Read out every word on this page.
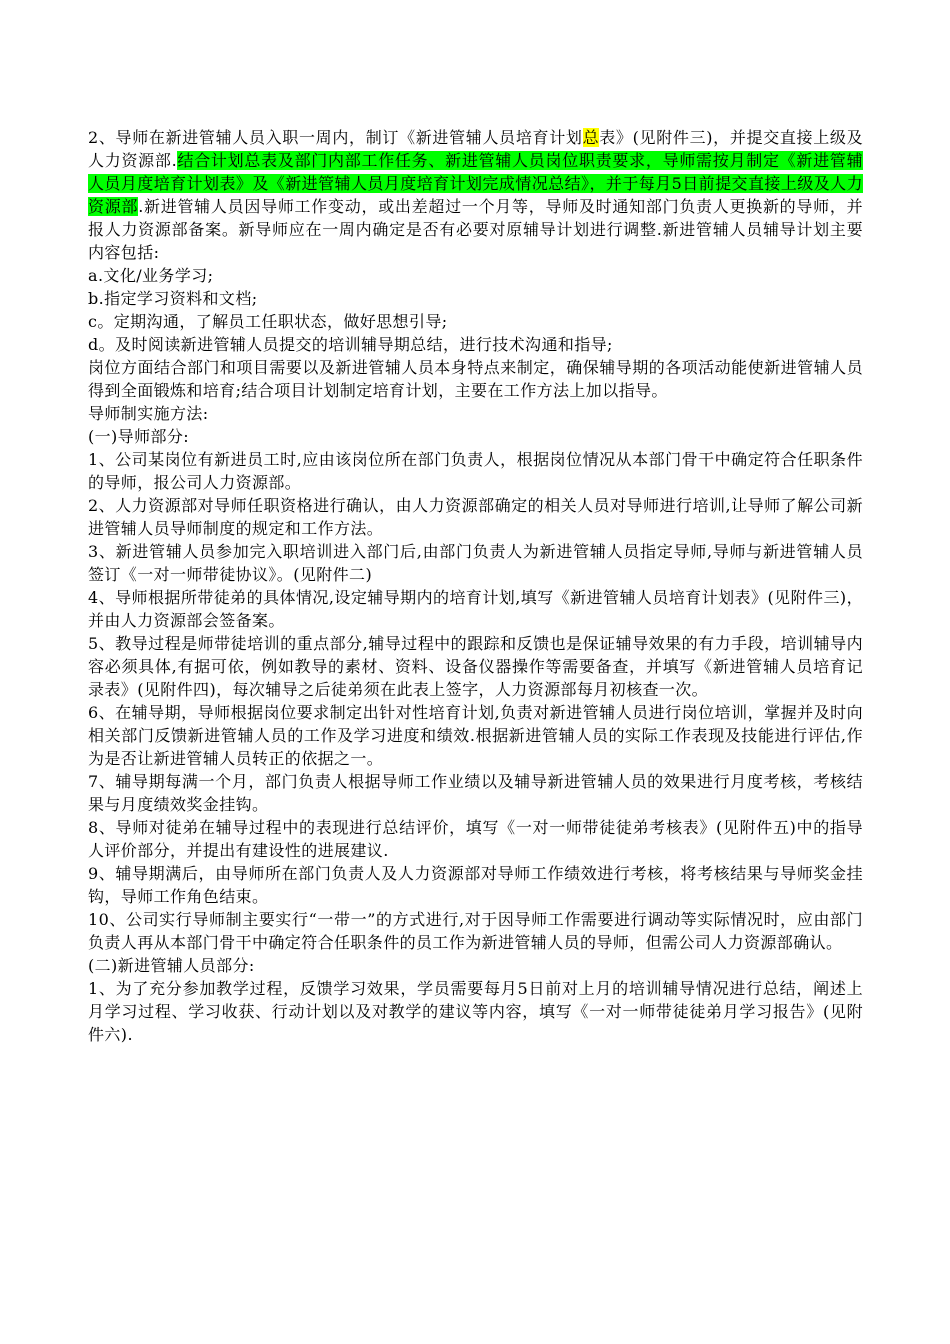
2、导师在新进管辅人员入职一周内，制订《新进管辅人员培育计划总表》(见附件三)，并提交直接上级及人力资源部.结合计划总表及部门内部工作任务、新进管辅人员岗位职责要求，导师需按月制定《新进管辅人员月度培育计划表》及《新进管辅人员月度培育计划完成情况总结》，并于每月5日前提交直接上级及人力资源部.新进管辅人员因导师工作变动，或出差超过一个月等，导师及时通知部门负责人更换新的导师，并报人力资源部备案。新导师应在一周内确定是否有必要对原辅导计划进行调整.新进管辅人员辅导计划主要内容包括:

a.文化/业务学习;

b.指定学习资料和文档;

c。定期沟通，了解员工任职状态，做好思想引导;

d。及时阅读新进管辅人员提交的培训辅导期总结，进行技术沟通和指导;

岗位方面结合部门和项目需要以及新进管辅人员本身特点来制定，确保辅导期的各项活动能使新进管辅人员得到全面锻炼和培育;结合项目计划制定培育计划，主要在工作方法上加以指导。

导师制实施方法:

(一)导师部分:

1、公司某岗位有新进员工时,应由该岗位所在部门负责人，根据岗位情况从本部门骨干中确定符合任职条件的导师，报公司人力资源部。

2、人力资源部对导师任职资格进行确认，由人力资源部确定的相关人员对导师进行培训,让导师了解公司新进管辅人员导师制度的规定和工作方法。

3、新进管辅人员参加完入职培训进入部门后,由部门负责人为新进管辅人员指定导师,导师与新进管辅人员签订《一对一师带徒协议》。(见附件二)

4、导师根据所带徒弟的具体情况,设定辅导期内的培育计划,填写《新进管辅人员培育计划表》(见附件三)，并由人力资源部会签备案。

5、教导过程是师带徒培训的重点部分,辅导过程中的跟踪和反馈也是保证辅导效果的有力手段，培训辅导内容必须具体,有据可依，例如教导的素材、资料、设备仪器操作等需要备查，并填写《新进管辅人员培育记录表》(见附件四)，每次辅导之后徒弟须在此表上签字，人力资源部每月初核查一次。

6、在辅导期，导师根据岗位要求制定出针对性培育计划,负责对新进管辅人员进行岗位培训，掌握并及时向相关部门反馈新进管辅人员的工作及学习进度和绩效.根据新进管辅人员的实际工作表现及技能进行评估,作为是否让新进管辅人员转正的依据之一。

7、辅导期每满一个月，部门负责人根据导师工作业绩以及辅导新进管辅人员的效果进行月度考核，考核结果与月度绩效奖金挂钩。

8、导师对徒弟在辅导过程中的表现进行总结评价，填写《一对一师带徒徒弟考核表》(见附件五)中的指导人评价部分，并提出有建设性的进展建议.

9、辅导期满后，由导师所在部门负责人及人力资源部对导师工作绩效进行考核，将考核结果与导师奖金挂钩，导师工作角色结束。

10、公司实行导师制主要实行“一带一”的方式进行,对于因导师工作需要进行调动等实际情况时，应由部门负责人再从本部门骨干中确定符合任职条件的员工作为新进管辅人员的导师，但需公司人力资源部确认。

(二)新进管辅人员部分:

1、为了充分参加教学过程，反馈学习效果，学员需要每月5日前对上月的培训辅导情况进行总结，阐述上月学习过程、学习收获、行动计划以及对教学的建议等内容，填写《一对一师带徒徒弟月学习报告》(见附件六).
